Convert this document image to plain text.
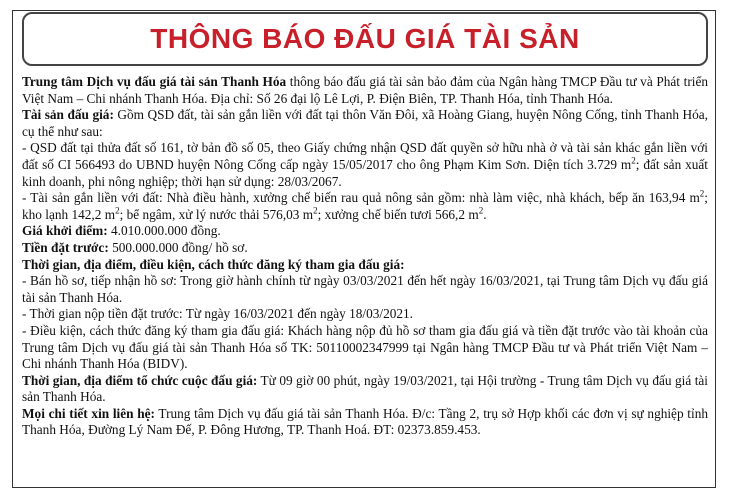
THÔNG BÁO ĐẤU GIÁ TÀI SẢN

Trung tâm Dịch vụ đấu giá tài sản Thanh Hóa thông báo đấu giá tài sản bảo đảm của Ngân hàng TMCP Đầu tư và Phát triển Việt Nam – Chi nhánh Thanh Hóa. Địa chỉ: Số 26 đại lộ Lê Lợi, P. Điện Biên, TP. Thanh Hóa, tỉnh Thanh Hóa.

Tài sản đấu giá: Gồm QSD đất, tài sản gắn liền với đất tại thôn Văn Đôi, xã Hoàng Giang, huyện Nông Cống, tỉnh Thanh Hóa, cụ thể như sau:

- QSD đất tại thửa đất số 161, tờ bản đồ số 05, theo Giấy chứng nhận QSD đất quyền sở hữu nhà ở và tài sản khác gắn liền với đất số CI 566493 do UBND huyện Nông Cống cấp ngày 15/05/2017 cho ông Phạm Kim Sơn. Diện tích 3.729 $m^2$; đất sản xuất kinh doanh, phi nông nghiệp; thời hạn sử dụng: 28/03/2067.

- Tài sản gắn liền với đất: Nhà điều hành, xưởng chế biến rau quả nông sản gồm: nhà làm việc, nhà khách, bếp ăn 163,94 $m^2$; kho lạnh 142,2 $m^2$; bể ngâm, xử lý nước thải 576,03 $m^2$; xưởng chế biến tươi 566,2 $m^2$.

Giá khởi điểm: 4.010.000.000 đồng.

Tiền đặt trước: 500.000.000 đồng/ hồ sơ.

Thời gian, địa điểm, điều kiện, cách thức đăng ký tham gia đấu giá:

- Bán hồ sơ, tiếp nhận hồ sơ: Trong giờ hành chính từ ngày 03/03/2021 đến hết ngày 16/03/2021, tại Trung tâm Dịch vụ đấu giá tài sản Thanh Hóa.

- Thời gian nộp tiền đặt trước: Từ ngày 16/03/2021 đến ngày 18/03/2021.

- Điều kiện, cách thức đăng ký tham gia đấu giá: Khách hàng nộp đủ hồ sơ tham gia đấu giá và tiền đặt trước vào tài khoản của Trung tâm Dịch vụ đấu giá tài sản Thanh Hóa số TK: 50110002347999 tại Ngân hàng TMCP Đầu tư và Phát triển Việt Nam – Chi nhánh Thanh Hóa (BIDV).

Thời gian, địa điểm tổ chức cuộc đấu giá: Từ 09 giờ 00 phút, ngày 19/03/2021, tại Hội trường - Trung tâm Dịch vụ đấu giá tài sản Thanh Hóa.

Mọi chi tiết xin liên hệ: Trung tâm Dịch vụ đấu giá tài sản Thanh Hóa. Đ/c: Tầng 2, trụ sở Hợp khối các đơn vị sự nghiệp tỉnh Thanh Hóa, Đường Lý Nam Đế, P. Đông Hương, TP. Thanh Hoá. ĐT: 02373.859.453.
